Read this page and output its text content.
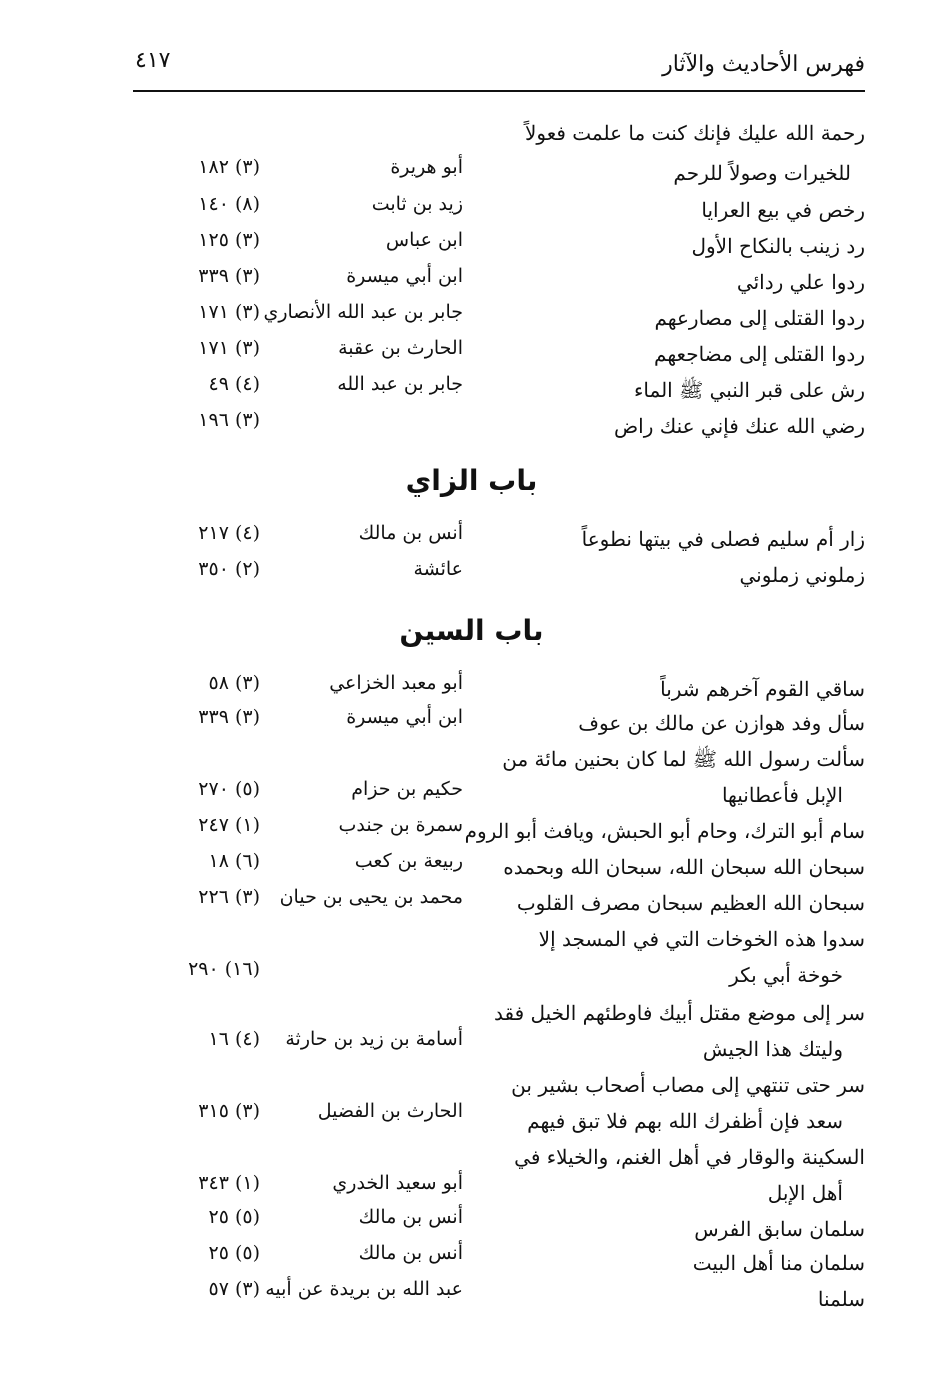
فهرس الأحاديث والآثار
٤١٧
رحمة الله عليك فإنك كنت ما علمت فعولاً
للخيرات وصولاً للرحم
أبو هريرة
(٣) ١٨٢
رخص في بيع العرايا
زيد بن ثابت
(٨) ١٤٠
رد زينب بالنكاح الأول
ابن عباس
(٣) ١٢٥
ردوا علي ردائي
ابن أبي ميسرة
(٣) ٣٣٩
ردوا القتلى إلى مصارعهم
جابر بن عبد الله الأنصاري
(٣) ١٧١
ردوا القتلى إلى مضاجعهم
الحارث بن عقبة
(٣) ١٧١
رش على قبر النبي ﷺ الماء
جابر بن عبد الله
(٤) ٤٩
رضي الله عنك فإني عنك راض
(٣) ١٩٦
باب الزاي
زار أم سليم فصلى في بيتها نطوعاً
أنس بن مالك
(٤) ٢١٧
زملوني زملوني
عائشة
(٢) ٣٥٠
باب السين
ساقي القوم آخرهم شرباً
أبو معبد الخزاعي
(٣) ٥٨
سأل وفد هوازن عن مالك بن عوف
ابن أبي ميسرة
(٣) ٣٣٩
سألت رسول الله ﷺ لما كان بحنين مائة من
الإبل فأعطانيها
حكيم بن حزام
(٥) ٢٧٠
سام أبو الترك، وحام أبو الحبش، ويافث أبو الروم
سمرة بن جندب
(١) ٢٤٧
سبحان الله سبحان الله، سبحان الله وبحمده
ربيعة بن كعب
(٦) ١٨
سبحان الله العظيم سبحان مصرف القلوب
محمد بن يحيى بن حيان
(٣) ٢٢٦
سدوا هذه الخوخات التي في المسجد إلا
خوخة أبي بكر
(١٦) ٢٩٠
سر إلى موضع مقتل أبيك فاوطئهم الخيل فقد
وليتك هذا الجيش
أسامة بن زيد بن حارثة
(٤) ١٦
سر حتى تنتهي إلى مصاب أصحاب بشير بن
سعد فإن أظفرك الله بهم فلا تبق فيهم
الحارث بن الفضيل
(٣) ٣١٥
السكينة والوقار في أهل الغنم، والخيلاء في
أهل الإبل
أبو سعيد الخدري
(١) ٣٤٣
سلمان سابق الفرس
أنس بن مالك
(٥) ٢٥
سلمان منا أهل البيت
أنس بن مالك
(٥) ٢٥
سلمنا
عبد الله بن بريدة عن أبيه
(٣) ٥٧
